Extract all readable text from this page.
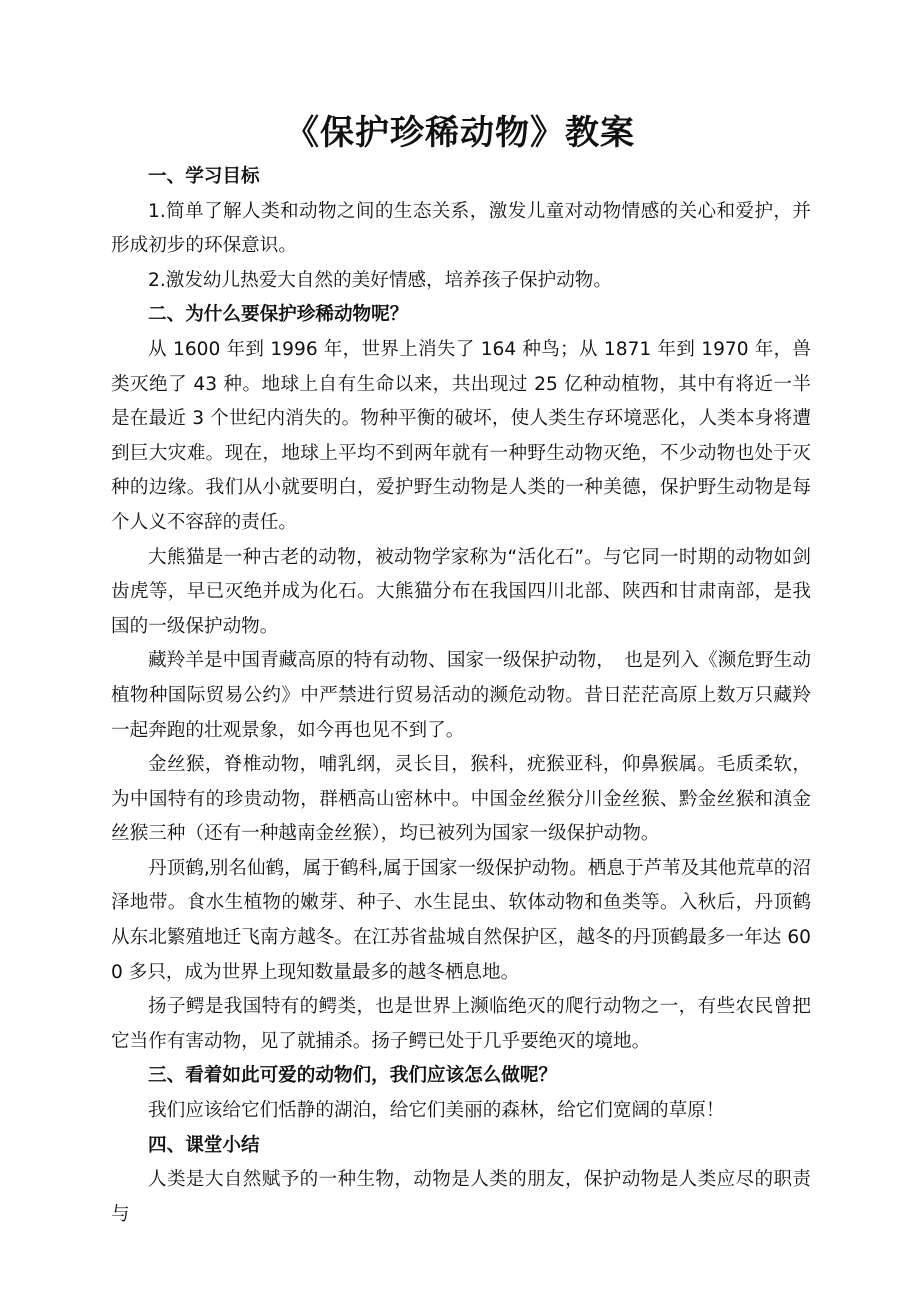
《保护珍稀动物》教案

一、学习目标

1.简单了解人类和动物之间的生态关系，激发儿童对动物情感的关心和爱护，并形成初步的环保意识。

2.激发幼儿热爱大自然的美好情感，培养孩子保护动物。

二、为什么要保护珍稀动物呢？

从 1600 年到 1996 年，世界上消失了 164 种鸟；从 1871 年到 1970 年，兽类灭绝了 43 种。地球上自有生命以来，共出现过 25 亿种动植物，其中有将近一半是在最近 3 个世纪内消失的。物种平衡的破坏，使人类生存环境恶化，人类本身将遭到巨大灾难。现在，地球上平均不到两年就有一种野生动物灭绝，不少动物也处于灭种的边缘。我们从小就要明白，爱护野生动物是人类的一种美德，保护野生动物是每个人义不容辞的责任。

大熊猫是一种古老的动物，被动物学家称为“活化石”。与它同一时期的动物如剑齿虎等，早已灭绝并成为化石。大熊猫分布在我国四川北部、陕西和甘肃南部，是我国的一级保护动物。

藏羚羊是中国青藏高原的特有动物、国家一级保护动物，　也是列入《濒危野生动植物种国际贸易公约》中严禁进行贸易活动的濒危动物。昔日茫茫高原上数万只藏羚一起奔跑的壮观景象，如今再也见不到了。

金丝猴，脊椎动物，哺乳纲，灵长目，猴科，疣猴亚科，仰鼻猴属。毛质柔软，为中国特有的珍贵动物，群栖高山密林中。中国金丝猴分川金丝猴、黔金丝猴和滇金丝猴三种（还有一种越南金丝猴），均已被列为国家一级保护动物。

丹顶鹤,别名仙鹤，属于鹤科,属于国家一级保护动物。栖息于芦苇及其他荒草的沼泽地带。食水生植物的嫩芽、种子、水生昆虫、软体动物和鱼类等。入秋后，丹顶鹤从东北繁殖地迁飞南方越冬。在江苏省盐城自然保护区，越冬的丹顶鹤最多一年达 600 多只，成为世界上现知数量最多的越冬栖息地。

扬子鳄是我国特有的鳄类，也是世界上濒临绝灭的爬行动物之一，有些农民曾把它当作有害动物，见了就捕杀。扬子鳄已处于几乎要绝灭的境地。

三、看着如此可爱的动物们，我们应该怎么做呢？

我们应该给它们恬静的湖泊，给它们美丽的森林，给它们宽阔的草原！

四、课堂小结

人类是大自然赋予的一种生物，动物是人类的朋友，保护动物是人类应尽的职责与
